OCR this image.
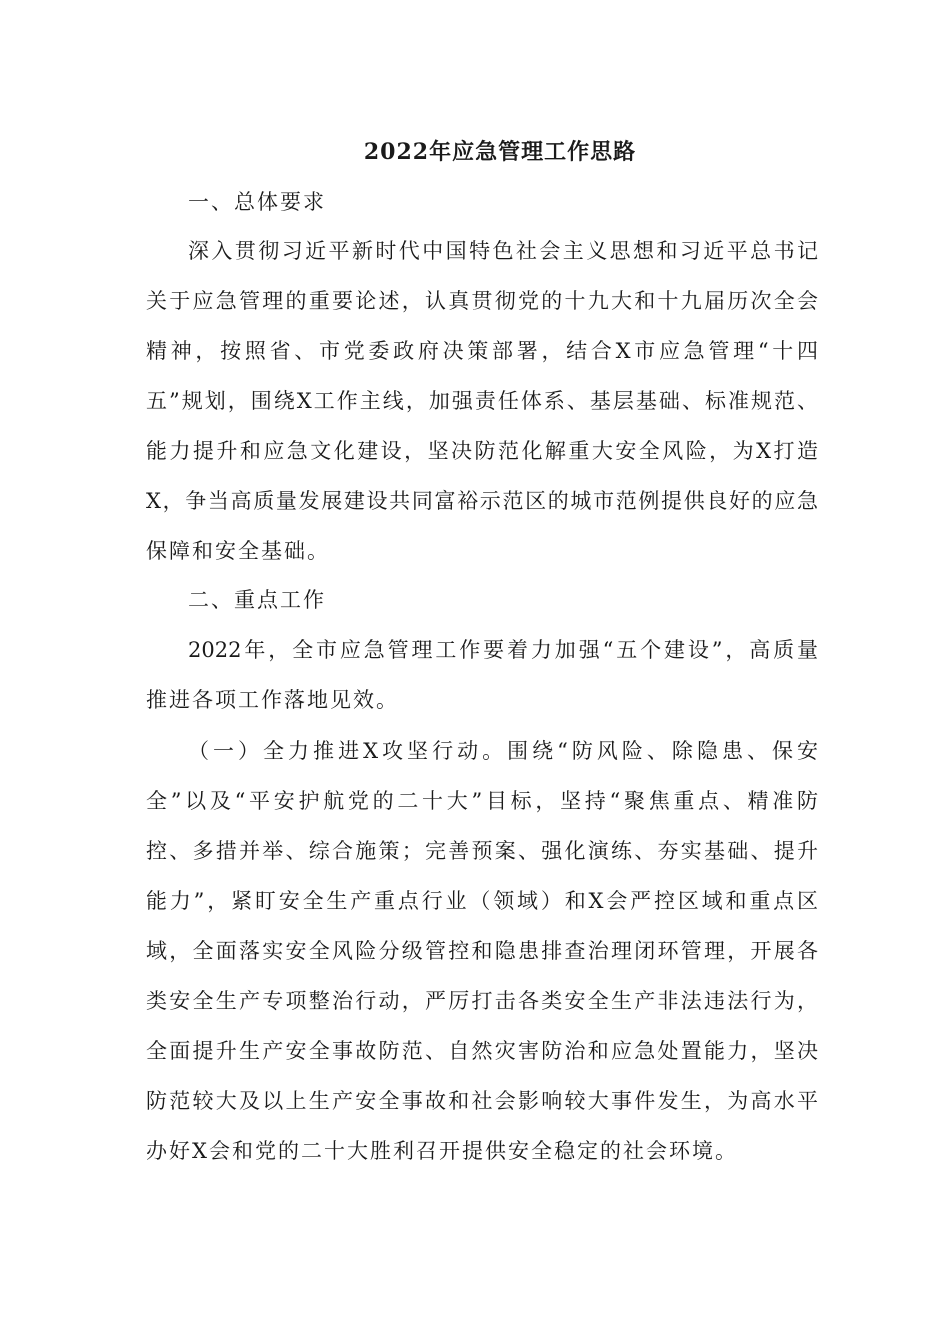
2022年应急管理工作思路
一、总体要求
深入贯彻习近平新时代中国特色社会主义思想和习近平总书记
关于应急管理的重要论述，认真贯彻党的十九大和十九届历次全会
精神，按照省、市党委政府决策部署，结合X市应急管理“十四
五”规划，围绕X工作主线，加强责任体系、基层基础、标准规范、
能力提升和应急文化建设，坚决防范化解重大安全风险，为X打造
X，争当高质量发展建设共同富裕示范区的城市范例提供良好的应急
保障和安全基础。
二、重点工作
2022年，全市应急管理工作要着力加强“五个建设”，高质量
推进各项工作落地见效。
（一）全力推进X攻坚行动。围绕“防风险、除隐患、保安
全”以及“平安护航党的二十大”目标，坚持“聚焦重点、精准防
控、多措并举、综合施策；完善预案、强化演练、夯实基础、提升
能力”，紧盯安全生产重点行业（领域）和X会严控区域和重点区
域，全面落实安全风险分级管控和隐患排查治理闭环管理，开展各
类安全生产专项整治行动，严厉打击各类安全生产非法违法行为，
全面提升生产安全事故防范、自然灾害防治和应急处置能力，坚决
防范较大及以上生产安全事故和社会影响较大事件发生，为高水平
办好X会和党的二十大胜利召开提供安全稳定的社会环境。
